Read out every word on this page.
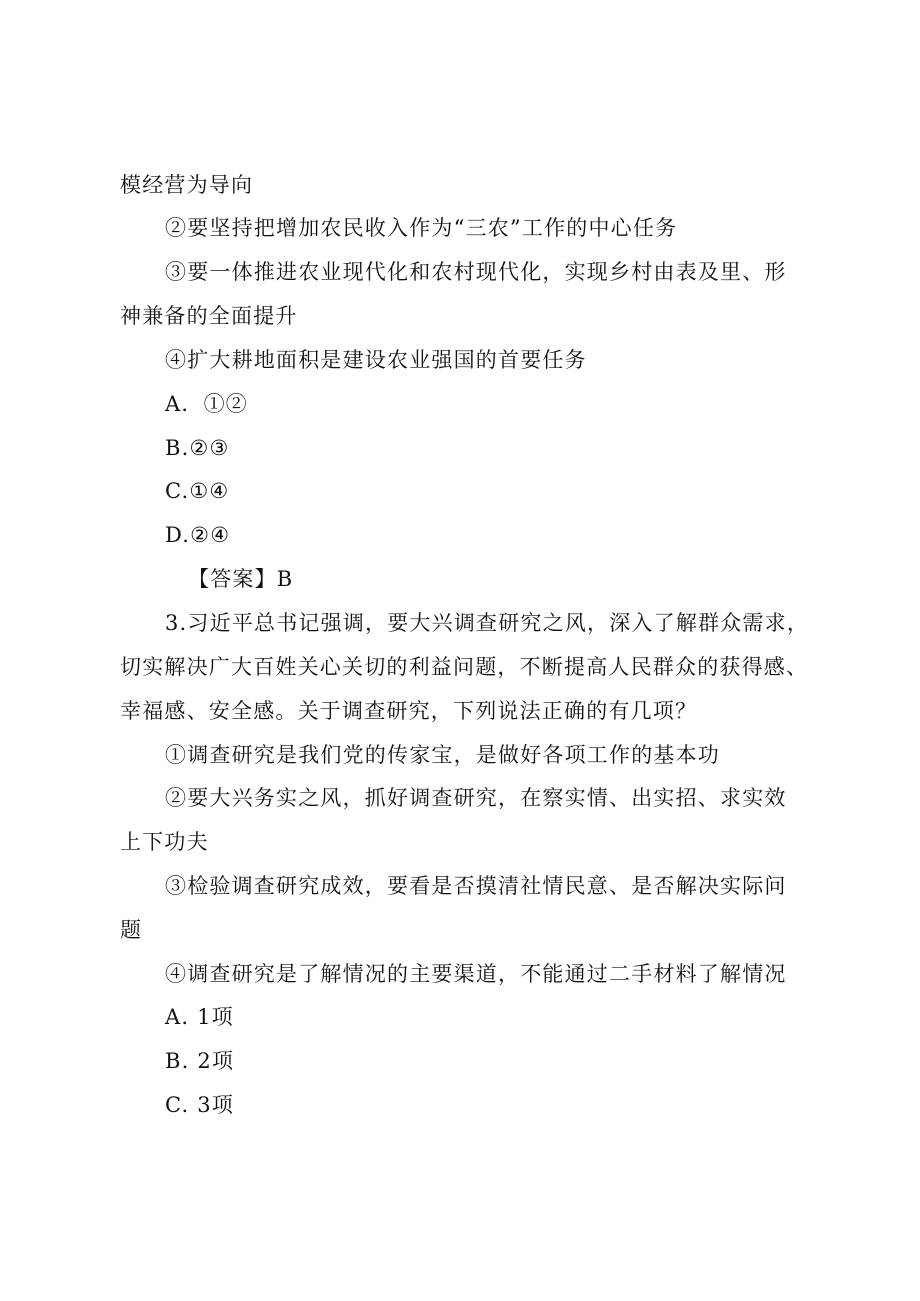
模经营为导向
②要坚持把增加农民收入作为“三农”工作的中心任务
③要一体推进农业现代化和农村现代化，实现乡村由表及里、形
神兼备的全面提升
④扩大耕地面积是建设农业强国的首要任务
A．①②
B.②③
C.①④
D.②④
【答案】B
3.习近平总书记强调，要大兴调查研究之风，深入了解群众需求，
切实解决广大百姓关心关切的利益问题，不断提高人民群众的获得感、
幸福感、安全感。关于调查研究，下列说法正确的有几项？
①调查研究是我们党的传家宝，是做好各项工作的基本功
②要大兴务实之风，抓好调查研究，在察实情、出实招、求实效
上下功夫
③检验调查研究成效，要看是否摸清社情民意、是否解决实际问
题
④调查研究是了解情况的主要渠道，不能通过二手材料了解情况
A. 1项
B. 2项
C. 3项
